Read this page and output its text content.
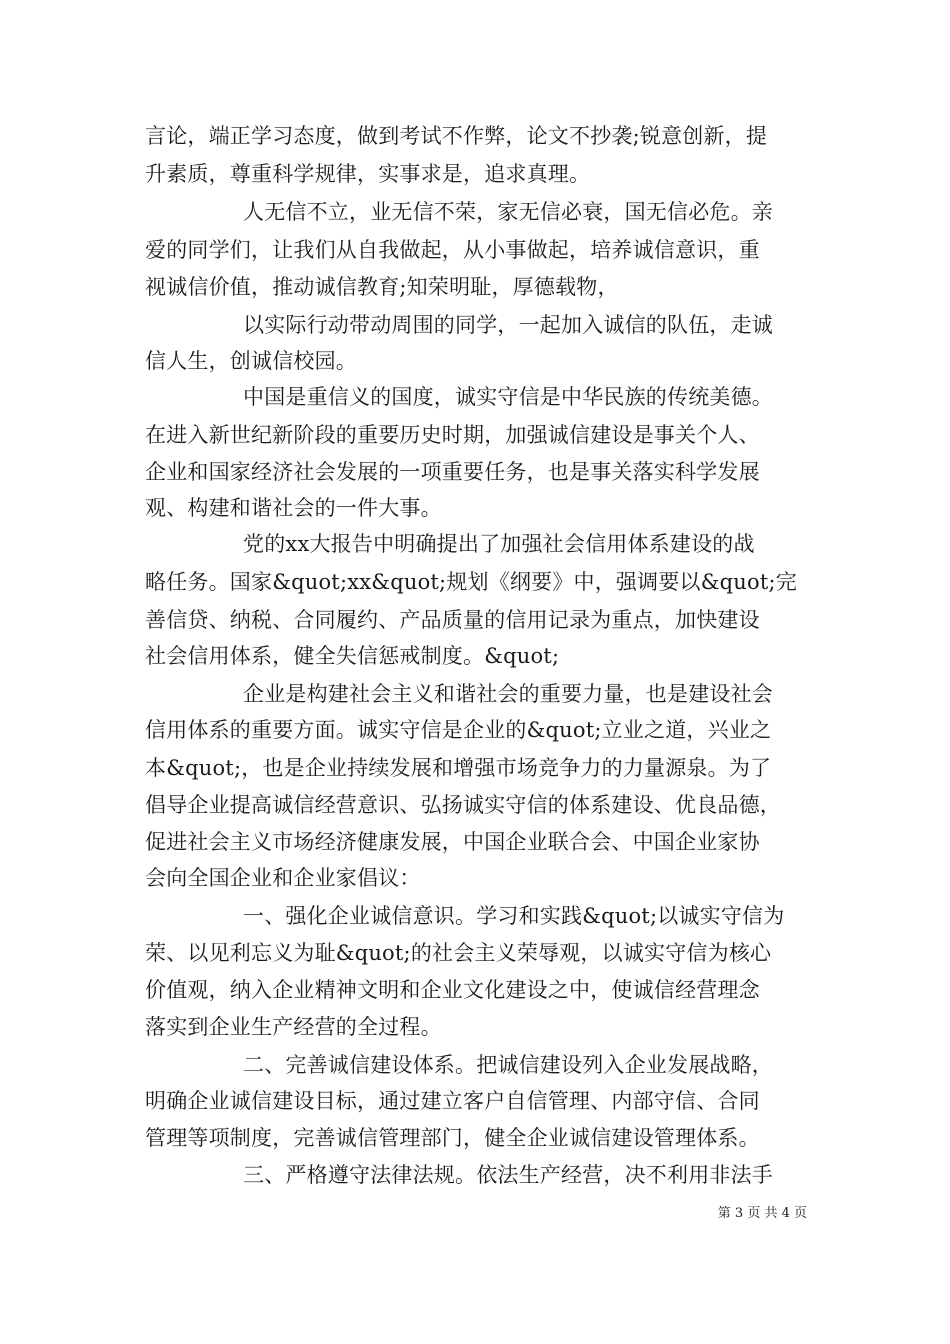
言论，端正学习态度，做到考试不作弊，论文不抄袭;锐意创新，提
升素质，尊重科学规律，实事求是，追求真理。
人无信不立，业无信不荣，家无信必衰，国无信必危。亲
爱的同学们，让我们从自我做起，从小事做起，培养诚信意识，重
视诚信价值，推动诚信教育;知荣明耻，厚德载物，
以实际行动带动周围的同学，一起加入诚信的队伍，走诚
信人生，创诚信校园。
中国是重信义的国度，诚实守信是中华民族的传统美德。
在进入新世纪新阶段的重要历史时期，加强诚信建设是事关个人、
企业和国家经济社会发展的一项重要任务，也是事关落实科学发展
观、构建和谐社会的一件大事。
党的xx大报告中明确提出了加强社会信用体系建设的战
略任务。国家&quot;xx&quot;规划《纲要》中，强调要以&quot;完
善信贷、纳税、合同履约、产品质量的信用记录为重点，加快建设
社会信用体系，健全失信惩戒制度。&quot;
企业是构建社会主义和谐社会的重要力量，也是建设社会
信用体系的重要方面。诚实守信是企业的&quot;立业之道，兴业之
本&quot;，也是企业持续发展和增强市场竞争力的力量源泉。为了
倡导企业提高诚信经营意识、弘扬诚实守信的体系建设、优良品德，
促进社会主义市场经济健康发展，中国企业联合会、中国企业家协
会向全国企业和企业家倡议：
一、强化企业诚信意识。学习和实践&quot;以诚实守信为
荣、以见利忘义为耻&quot;的社会主义荣辱观，以诚实守信为核心
价值观，纳入企业精神文明和企业文化建设之中，使诚信经营理念
落实到企业生产经营的全过程。
二、完善诚信建设体系。把诚信建设列入企业发展战略，
明确企业诚信建设目标，通过建立客户自信管理、内部守信、合同
管理等项制度，完善诚信管理部门，健全企业诚信建设管理体系。
三、严格遵守法律法规。依法生产经营，决不利用非法手
第 3 页 共 4 页
